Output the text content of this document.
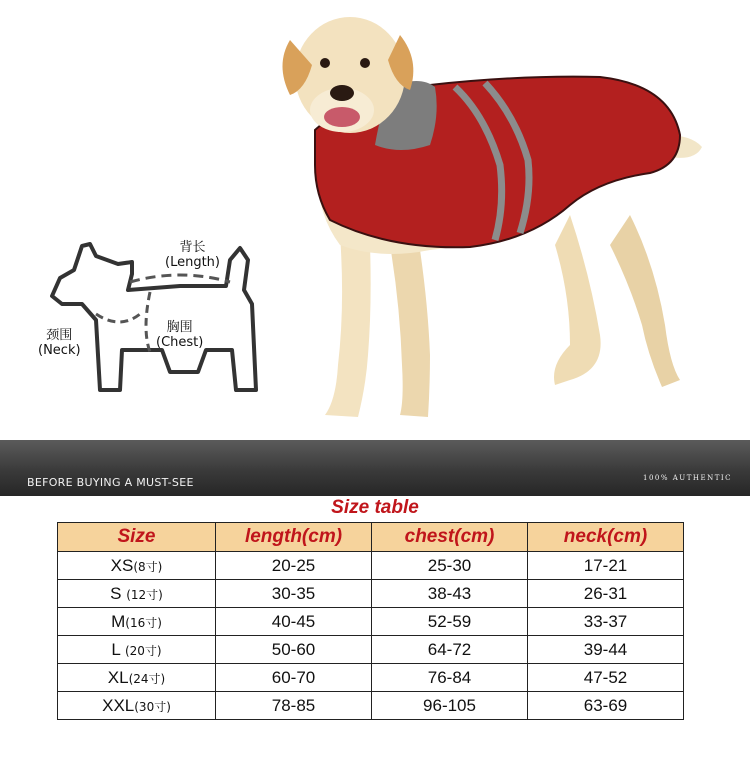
背长
(Length)
颈围
(Neck)
胸围
(Chest)
BEFORE BUYING A MUST-SEE	100% AUTHENTIC
Size table
Size	length(cm)	chest(cm)	neck(cm)
XS(8寸)	20-25	25-30	17-21
S (12寸)	30-35	38-43	26-31
M(16寸)	40-45	52-59	33-37
L (20寸)	50-60	64-72	39-44
XL(24寸)	60-70	76-84	47-52
XXL(30寸)	78-85	96-105	63-69
